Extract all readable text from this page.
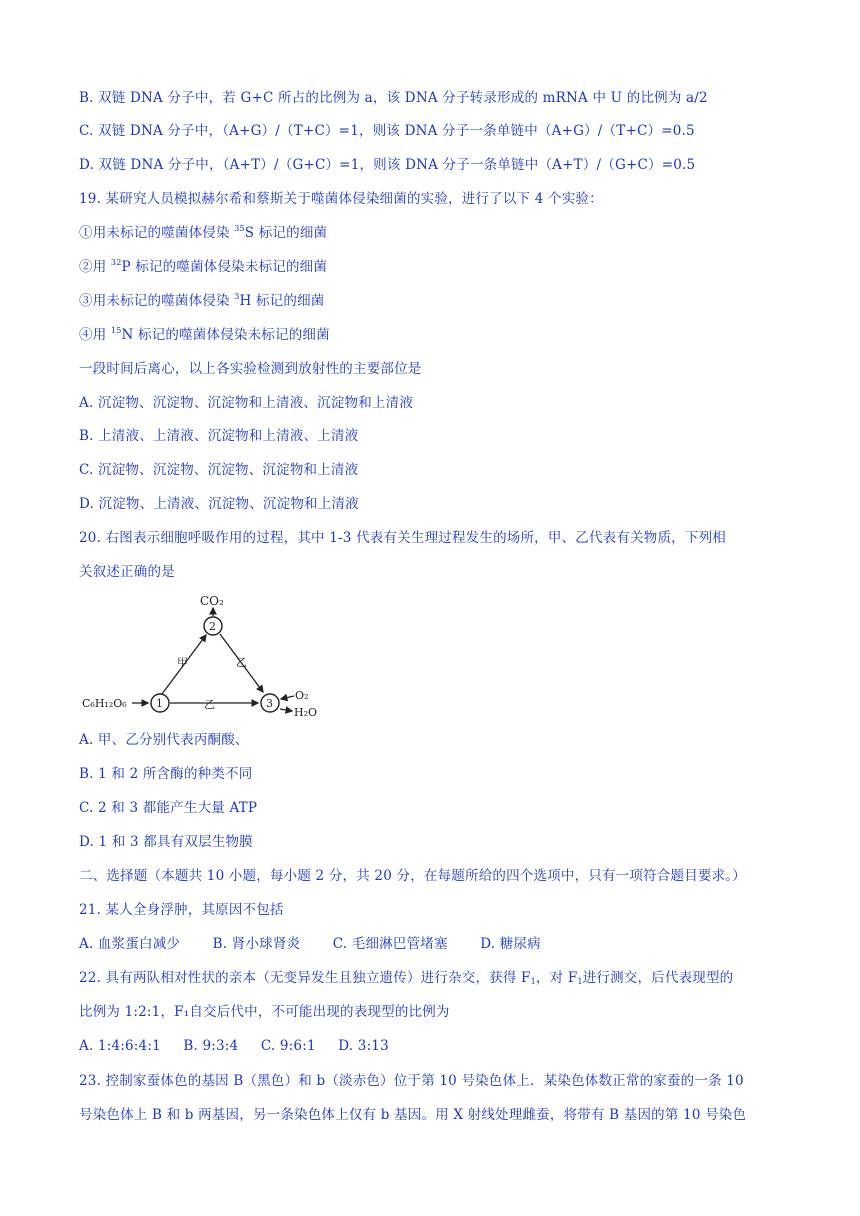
B. 双链 DNA 分子中，若 G+C 所占的比例为 a，该 DNA 分子转录形成的 mRNA 中 U 的比例为 a/2
C. 双链 DNA 分子中，（A+G）/（T+C）=1，则该 DNA 分子一条单链中（A+G）/（T+C）=0.5
D. 双链 DNA 分子中，（A+T）/（G+C）=1，则该 DNA 分子一条单链中（A+T）/（G+C）=0.5
19. 某研究人员模拟赫尔希和蔡斯关于噬菌体侵染细菌的实验，进行了以下 4 个实验：
①用未标记的噬菌体侵染 $^{35}$S 标记的细菌
②用 $^{32}$P 标记的噬菌体侵染未标记的细菌
③用未标记的噬菌体侵染 $^3$H 标记的细菌
④用 $^{15}$N 标记的噬菌体侵染未标记的细菌
一段时间后离心，以上各实验检测到放射性的主要部位是
A. 沉淀物、沉淀物、沉淀物和上清液、沉淀物和上清液
B. 上清液、上清液、沉淀物和上清液、上清液
C. 沉淀物、沉淀物、沉淀物、沉淀物和上清液
D. 沉淀物、上清液、沉淀物、沉淀物和上清液
20. 右图表示细胞呼吸作用的过程，其中 1-3 代表有关生理过程发生的场所，甲、乙代表有关物质，下列相
关叙述正确的是
CO₂
2
甲	乙
C₆H₁₂O₆	1	乙	3
O₂
H₂O
A. 甲、乙分别代表丙酮酸、
B. 1 和 2 所含酶的种类不同
C. 2 和 3 都能产生大量 ATP
D. 1 和 3 都具有双层生物膜
二、选择题（本题共 10 小题，每小题 2 分，共 20 分，在每题所给的四个选项中，只有一项符合题目要求。）
21. 某人全身浮肿，其原因不包括
A. 血浆蛋白减少 B. 肾小球肾炎 C. 毛细淋巴管堵塞 D. 糖尿病
22. 具有两队相对性状的亲本（无变异发生且独立遗传）进行杂交，获得 $F_1$，对 $F_1$进行测交，后代表现型的
比例为 1:2:1，F₁自交后代中，不可能出现的表现型的比例为
A. 1:4:6:4:1 B. 9:3:4 C. 9:6:1 D. 3:13
23. 控制家蚕体色的基因 B（黑色）和 b（淡赤色）位于第 10 号染色体上．某染色体数正常的家蚕的一条 10
号染色体上 B 和 b 两基因，另一条染色体上仅有 b 基因。用 X 射线处理雌蚕，将带有 B 基因的第 10 号染色
